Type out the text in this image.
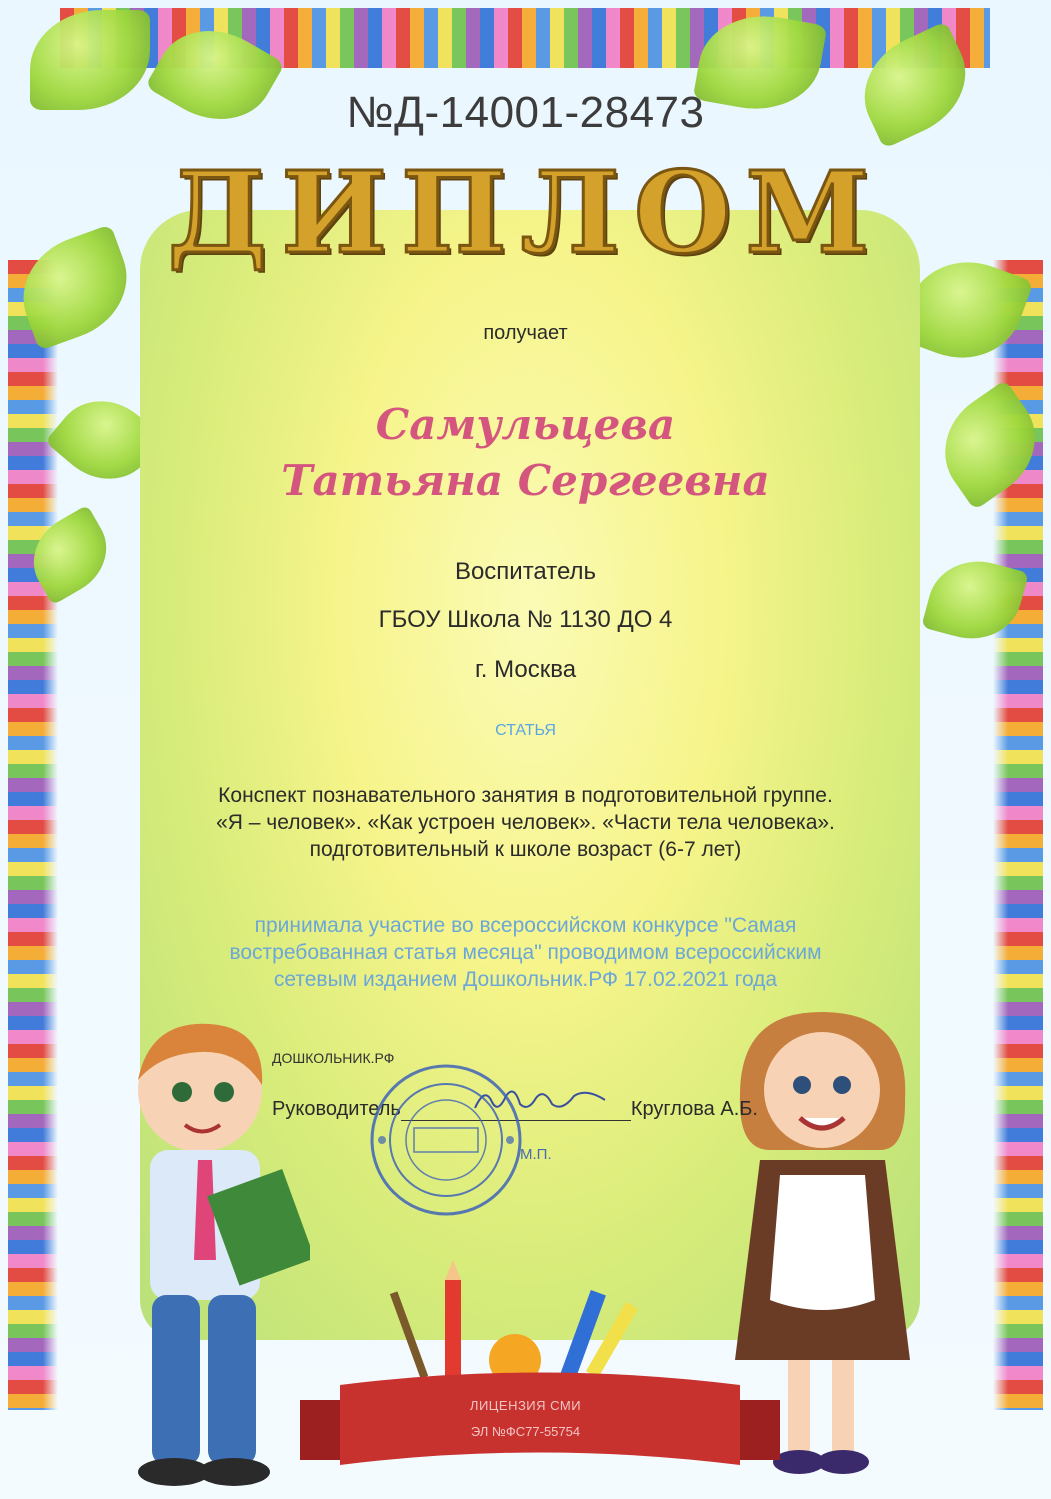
№Д-14001-28473
ДИПЛОМ
получает
Самульцева
Татьяна Сергеевна
Воспитатель
ГБОУ Школа № 1130 ДО 4
г. Москва
СТАТЬЯ
Конспект познавательного занятия в подготовительной группе.
«Я – человек». «Как устроен человек». «Части тела человека».
подготовительный к школе возраст (6-7 лет)
принимала участие во всероссийском конкурсе "Самая
востребованная статья месяца" проводимом всероссийским
сетевым изданием Дошкольник.РФ 17.02.2021 года
ЛИЦЕНЗИЯ СМИ
ЭЛ №ФС77-55754
ДОШКОЛЬНИК.РФ
Руководитель	Круглова А.Б.
М.П.
